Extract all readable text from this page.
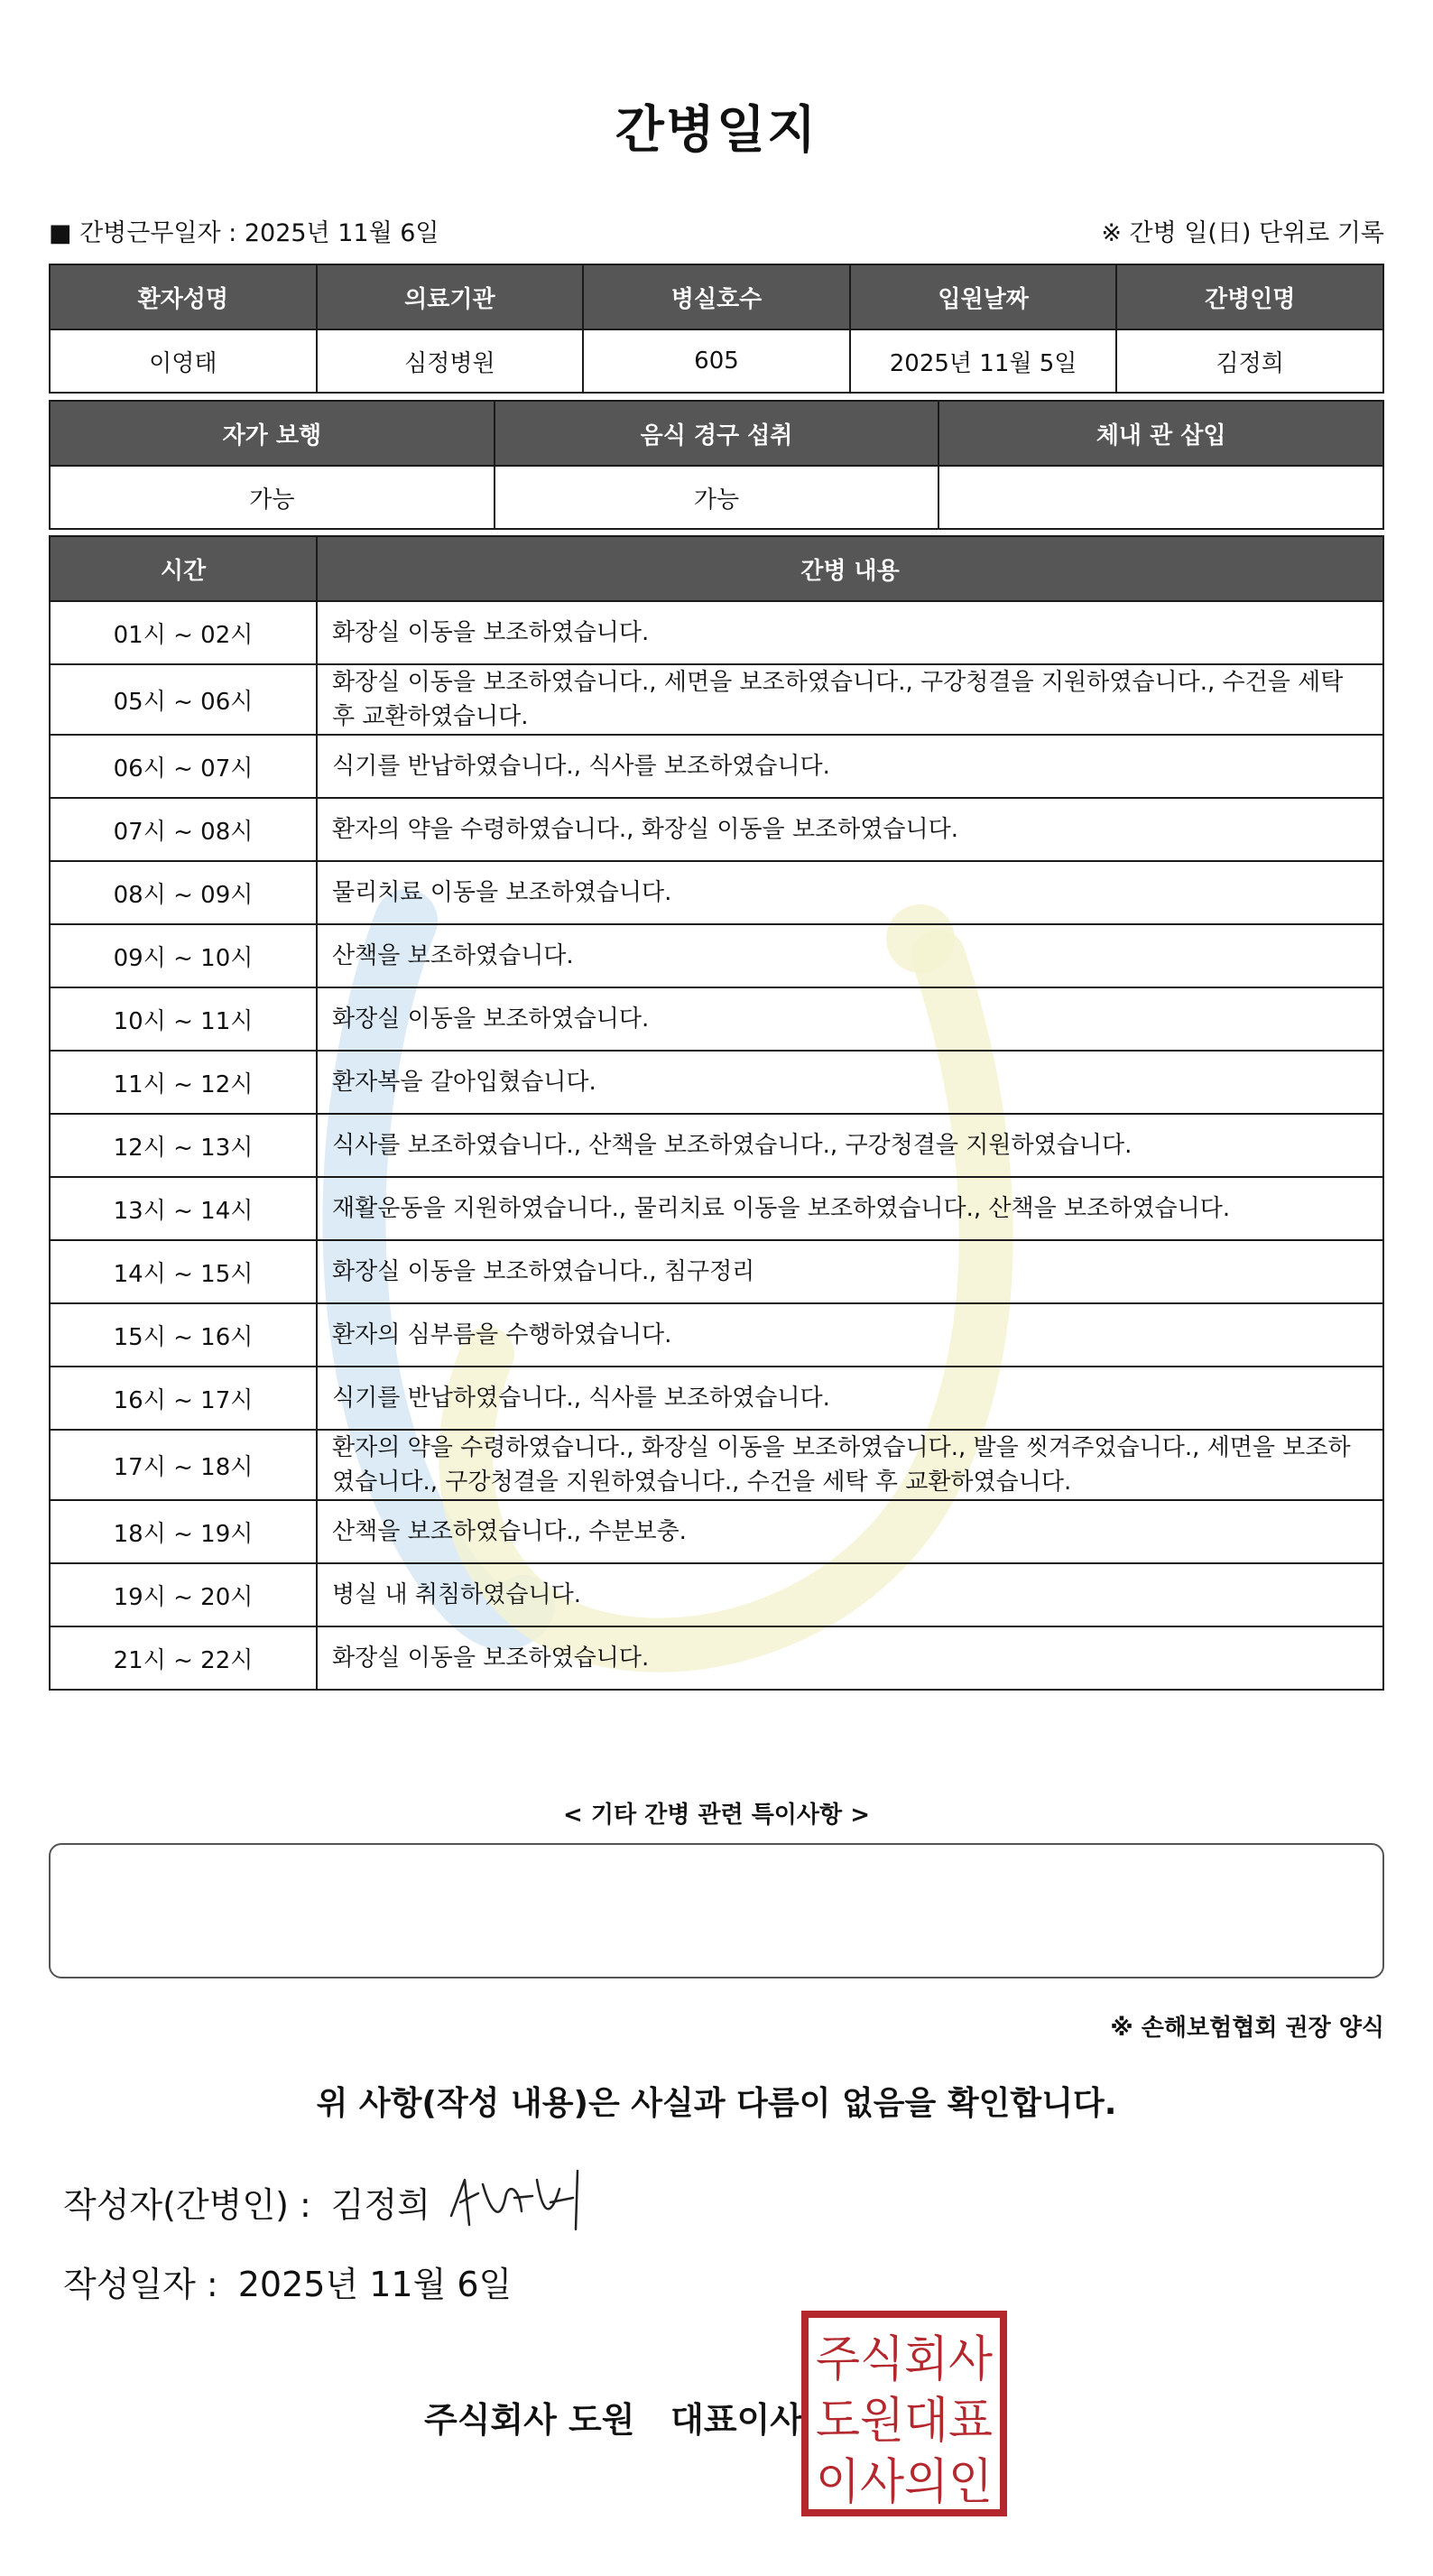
간병일지
■ 간병근무일자 : 2025년 11월 6일	※ 간병 일(日) 단위로 기록
환자성명	의료기관	병실호수	입원날짜	간병인명
이영태	심정병원	605	2025년 11월 5일	김정희
자가 보행	음식 경구 섭취	체내 관 삽입
가능	가능	
시간	간병 내용
01시 ~ 02시	화장실 이동을 보조하였습니다.
05시 ~ 06시	화장실 이동을 보조하였습니다., 세면을 보조하였습니다., 구강청결을 지원하였습니다., 수건을 세탁 후 교환하였습니다.
06시 ~ 07시	식기를 반납하였습니다., 식사를 보조하였습니다.
07시 ~ 08시	환자의 약을 수령하였습니다., 화장실 이동을 보조하였습니다.
08시 ~ 09시	물리치료 이동을 보조하였습니다.
09시 ~ 10시	산책을 보조하였습니다.
10시 ~ 11시	화장실 이동을 보조하였습니다.
11시 ~ 12시	환자복을 갈아입혔습니다.
12시 ~ 13시	식사를 보조하였습니다., 산책을 보조하였습니다., 구강청결을 지원하였습니다.
13시 ~ 14시	재활운동을 지원하였습니다., 물리치료 이동을 보조하였습니다., 산책을 보조하였습니다.
14시 ~ 15시	화장실 이동을 보조하였습니다., 침구정리
15시 ~ 16시	환자의 심부름을 수행하였습니다.
16시 ~ 17시	식기를 반납하였습니다., 식사를 보조하였습니다.
17시 ~ 18시	환자의 약을 수령하였습니다., 화장실 이동을 보조하였습니다., 발을 씻겨주었습니다., 세면을 보조하였습니다., 구강청결을 지원하였습니다., 수건을 세탁 후 교환하였습니다.
18시 ~ 19시	산책을 보조하였습니다., 수분보충.
19시 ~ 20시	병실 내 취침하였습니다.
21시 ~ 22시	화장실 이동을 보조하였습니다.
< 기타 간병 관련 특이사항 >
※ 손해보험협회 권장 양식
위 사항(작성 내용)은 사실과 다름이 없음을 확인합니다.
작성자(간병인) : 김정희
작성일자 : 2025년 11월 6일
주식회사 도원   대표이사
주식회사
도원대표
이사의인
